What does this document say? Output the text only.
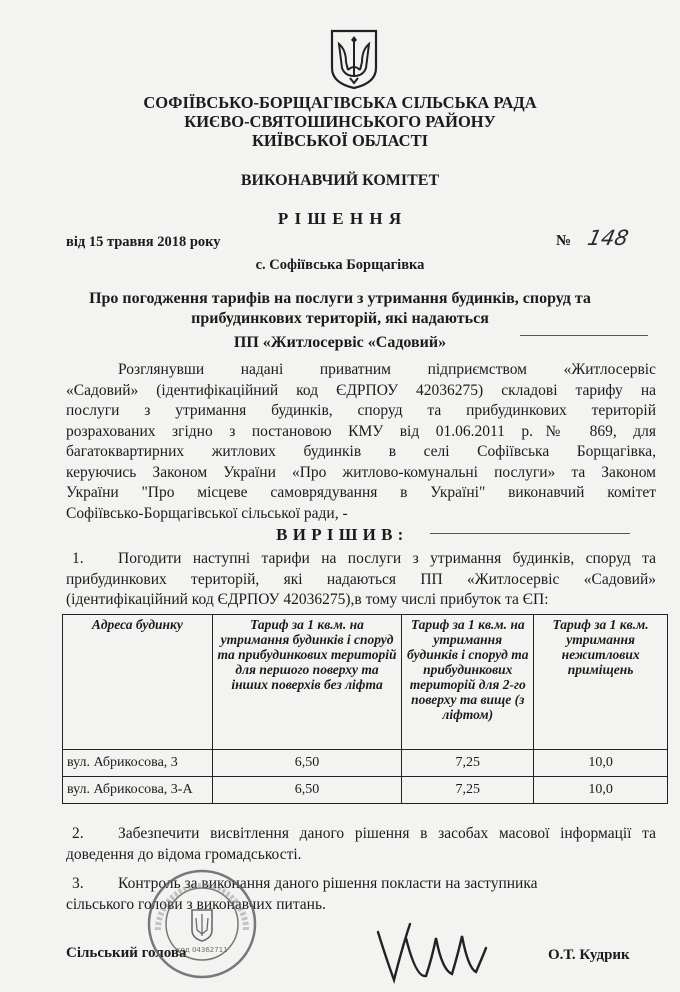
СОФІЇВСЬКО-БОРЩАГІВСЬКА СІЛЬСЬКА РАДА
КИЄВО-СВЯТОШИНСЬКОГО РАЙОНУ
КИЇВСЬКОЇ ОБЛАСТІ
ВИКОНАВЧИЙ КОМІТЕТ
Р І Ш Е Н Н Я
від 15 травня 2018 року	№ 148
с. Софіївська Борщагівка
Про погодження тарифів на послуги з утримання будинків, споруд та
прибудинкових територій, які надаються
ПП «Житлосервіс «Садовий»
Розглянувши надані приватним підприємством «Житлосервіс
«Садовий» (ідентифікаційний код ЄДРПОУ 42036275) складові тарифу на
послуги з утримання будинків, споруд та прибудинкових територій
розрахованих згідно з постановою КМУ від 01.06.2011 р.№ 869, для
багатоквартирних житлових будинків в селі Софіївська Борщагівка,
керуючись Законом України «Про житлово-комунальні послуги» та Законом
України "Про місцеве самоврядування в Україні" виконавчий комітет
Софіївсько-Борщагівської сільської ради, -
В И Р І Ш И В :
1. Погодити наступні тарифи на послуги з утримання будинків, споруд та
прибудинкових територій, які надаються ПП «Житлосервіс «Садовий»
(ідентифікаційний код ЄДРПОУ 42036275),в тому числі прибуток та ЄП:
Адреса будинку	Тариф за 1 кв.м. на утримання будинків і споруд та прибудинкових територій для першого поверху та інших поверхів без ліфта	Тариф за 1 кв.м. на утримання будинків і споруд та прибудинкових територій для 2-го поверху та вище (з ліфтом)	Тариф за 1 кв.м. утримання нежитлових приміщень
вул. Абрикосова, 3	6,50	7,25	10,0
вул. Абрикосова, 3-А	6,50	7,25	10,0
2. Забезпечити висвітлення даного рішення в засобах масової інформації та
доведення до відома громадськості.
3. Контроль за виконання даного рішення покласти на заступника
сільського голови з виконавчих питань.
Сільський голова	О.Т. Кудрик
код 04362711
